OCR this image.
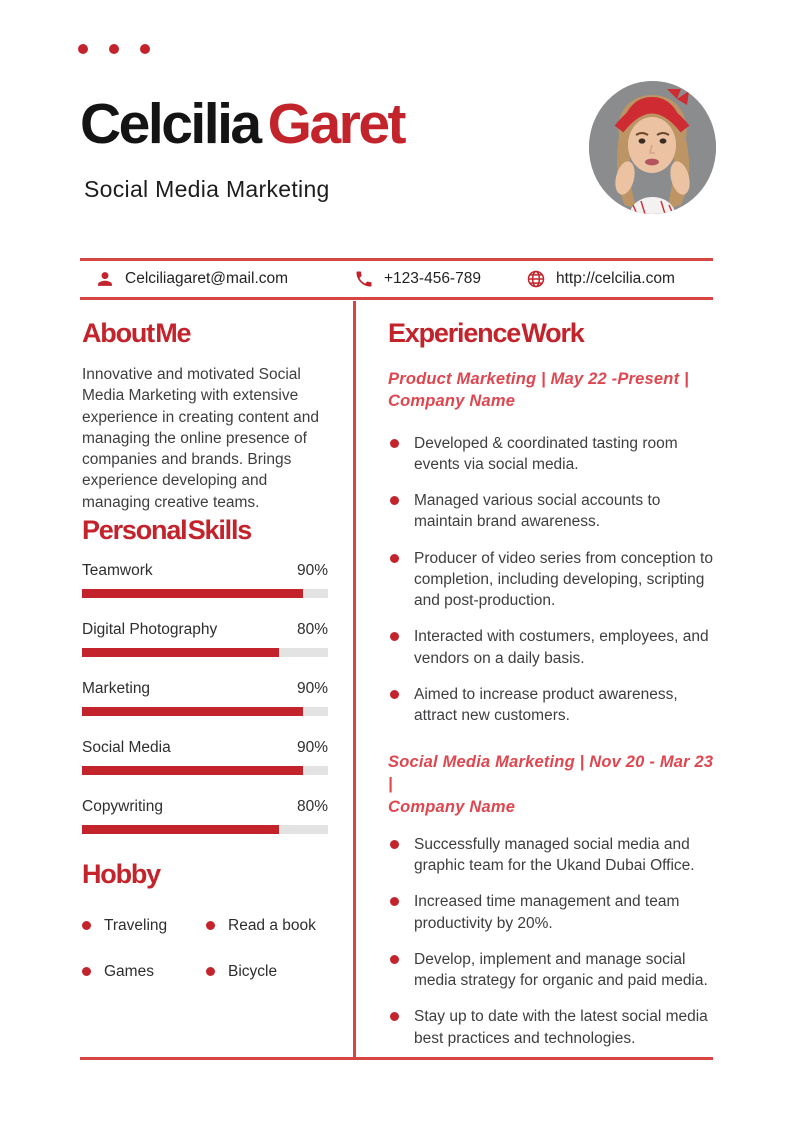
Celcilia Garet
Social Media Marketing
Celciliagaret@mail.com	+123-456-789	http://celcilia.com
About Me

Innovative and motivated Social Media Marketing with extensive experience in creating content and managing the online presence of companies and brands. Brings experience developing and managing creative teams.

Personal Skills
Teamwork	90%
Digital Photography	80%
Marketing	90%
Social Media	90%
Copywriting	80%
Hobby
Traveling	Read a book
Games	Bicycle
Experience Work
Product Marketing | May 22 -Present |
Company Name
Developed & coordinated tasting room events via social media.
Managed various social accounts to maintain brand awareness.
Producer of video series from conception to completion, including developing, scripting and post-production.
Interacted with costumers, employees, and vendors on a daily basis.
Aimed to increase product awareness, attract new customers.
Social Media Marketing | Nov 20 - Mar 23 |
Company Name
Successfully managed social media and graphic team for the Ukand Dubai Office.
Increased time management and team productivity by 20%.
Develop, implement and manage social media strategy for organic and paid media.
Stay up to date with the latest social media best practices and technologies.
